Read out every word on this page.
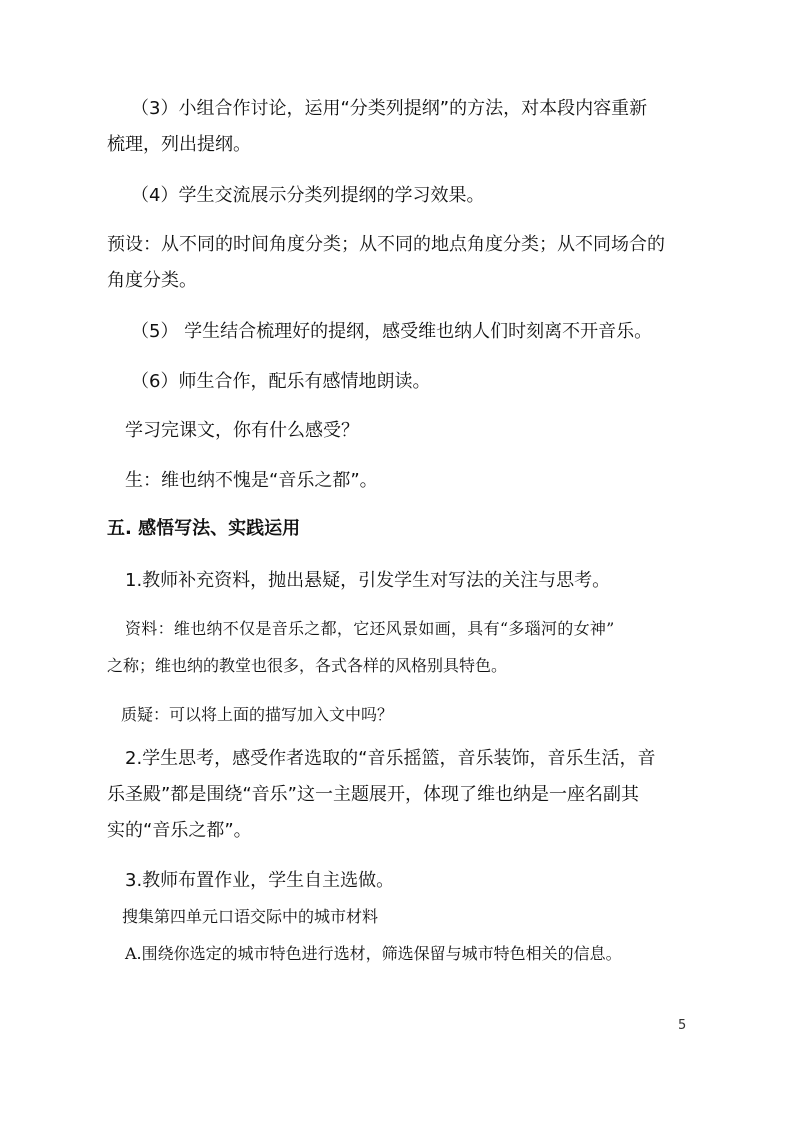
（3）小组合作讨论，运用“分类列提纲”的方法，对本段内容重新
梳理，列出提纲。
（4）学生交流展示分类列提纲的学习效果。
预设：从不同的时间角度分类；从不同的地点角度分类；从不同场合的
角度分类。
（5） 学生结合梳理好的提纲，感受维也纳人们时刻离不开音乐。
（6）师生合作，配乐有感情地朗读。
学习完课文，你有什么感受？
生：维也纳不愧是“音乐之都”。
五. 感悟写法、实践运用
1.教师补充资料，抛出悬疑，引发学生对写法的关注与思考。
资料：维也纳不仅是音乐之都，它还风景如画，具有“多瑙河的女神”
之称；维也纳的教堂也很多，各式各样的风格别具特色。
质疑：可以将上面的描写加入文中吗？
2.学生思考，感受作者选取的“音乐摇篮，音乐装饰，音乐生活，音
乐圣殿”都是围绕“音乐”这一主题展开，体现了维也纳是一座名副其
实的“音乐之都”。
3.教师布置作业，学生自主选做。
搜集第四单元口语交际中的城市材料
A.围绕你选定的城市特色进行选材，筛选保留与城市特色相关的信息。
5
